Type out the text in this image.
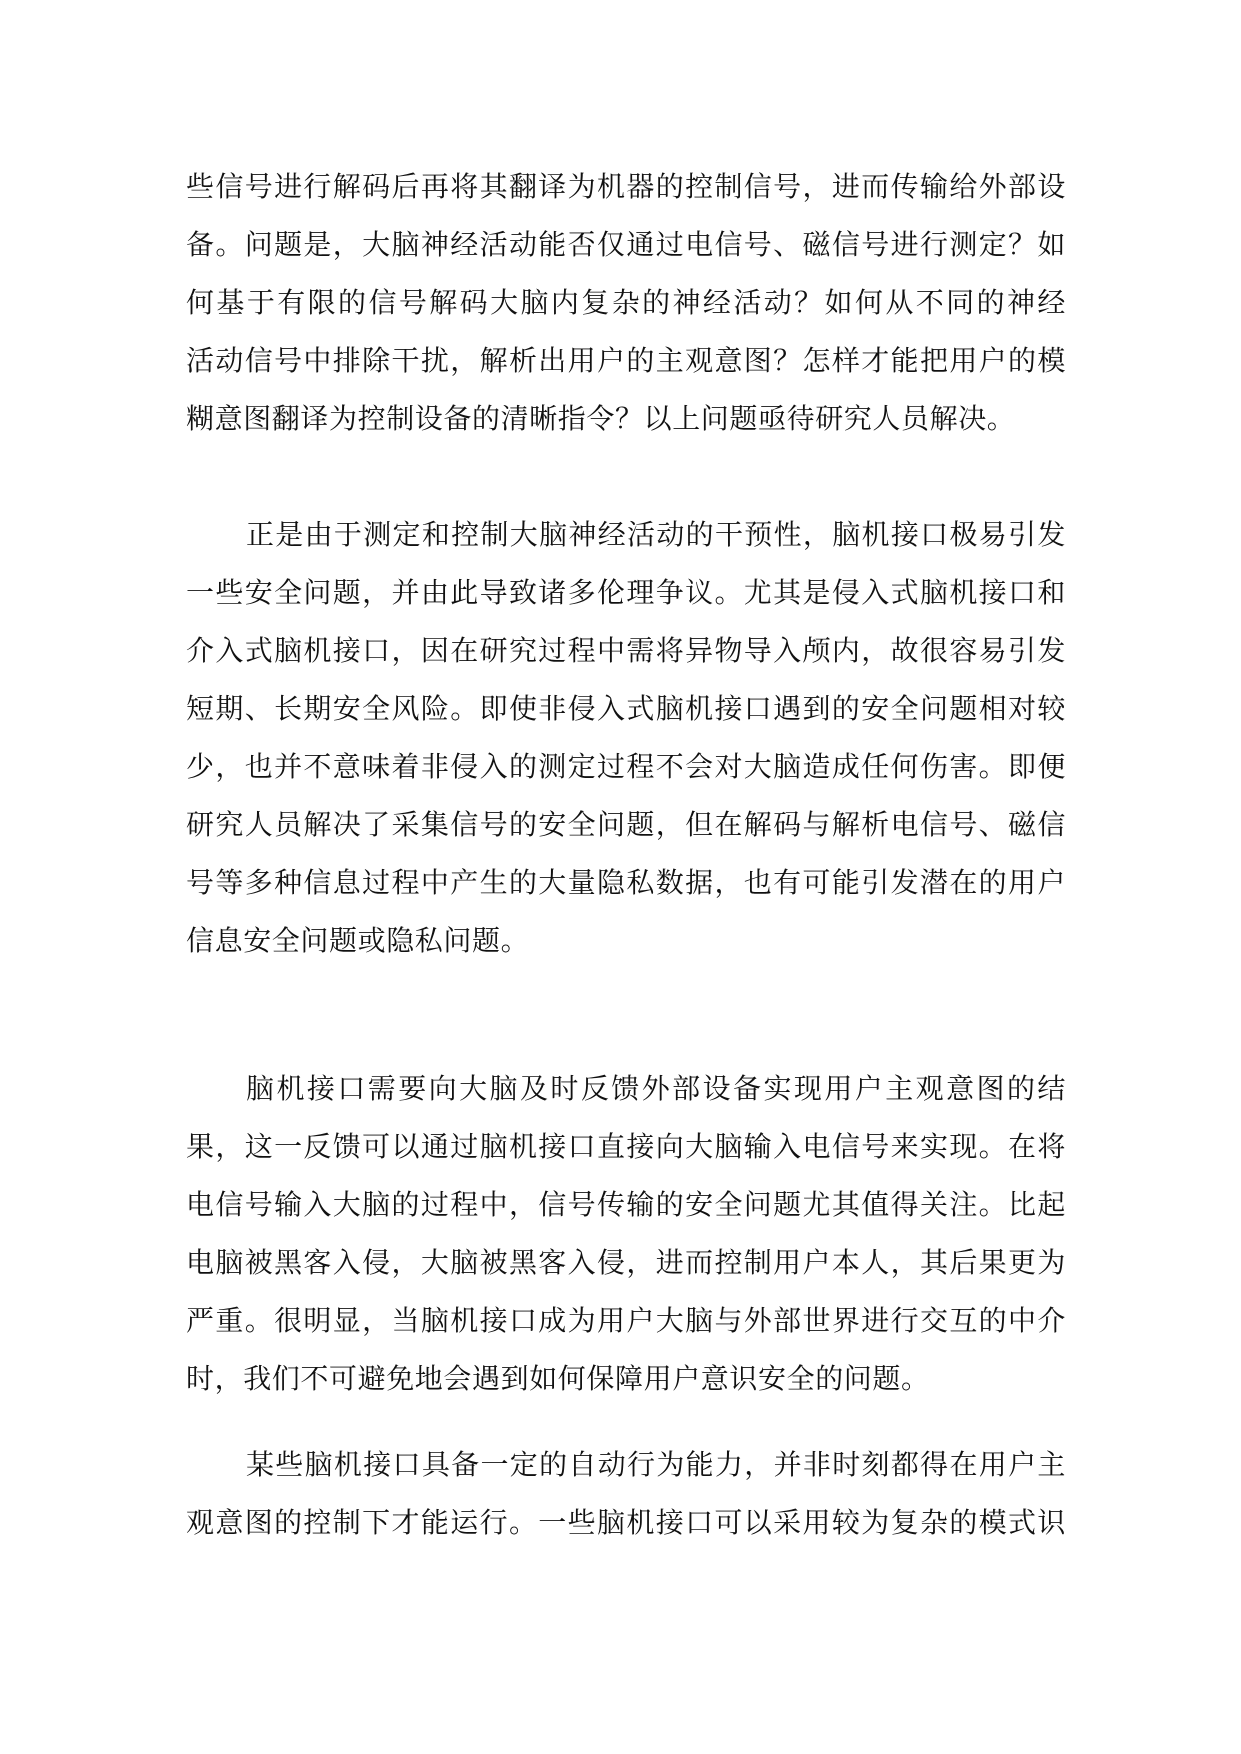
些信号进行解码后再将其翻译为机器的控制信号，进而传输给外部设
备。问题是，大脑神经活动能否仅通过电信号、磁信号进行测定？如
何基于有限的信号解码大脑内复杂的神经活动？如何从不同的神经
活动信号中排除干扰，解析出用户的主观意图？怎样才能把用户的模
糊意图翻译为控制设备的清晰指令？以上问题亟待研究人员解决。
正是由于测定和控制大脑神经活动的干预性，脑机接口极易引发
一些安全问题，并由此导致诸多伦理争议。尤其是侵入式脑机接口和
介入式脑机接口，因在研究过程中需将异物导入颅内，故很容易引发
短期、长期安全风险。即使非侵入式脑机接口遇到的安全问题相对较
少，也并不意味着非侵入的测定过程不会对大脑造成任何伤害。即便
研究人员解决了采集信号的安全问题，但在解码与解析电信号、磁信
号等多种信息过程中产生的大量隐私数据，也有可能引发潜在的用户
信息安全问题或隐私问题。
脑机接口需要向大脑及时反馈外部设备实现用户主观意图的结
果，这一反馈可以通过脑机接口直接向大脑输入电信号来实现。在将
电信号输入大脑的过程中，信号传输的安全问题尤其值得关注。比起
电脑被黑客入侵，大脑被黑客入侵，进而控制用户本人，其后果更为
严重。很明显，当脑机接口成为用户大脑与外部世界进行交互的中介
时，我们不可避免地会遇到如何保障用户意识安全的问题。
某些脑机接口具备一定的自动行为能力，并非时刻都得在用户主
观意图的控制下才能运行。一些脑机接口可以采用较为复杂的模式识
